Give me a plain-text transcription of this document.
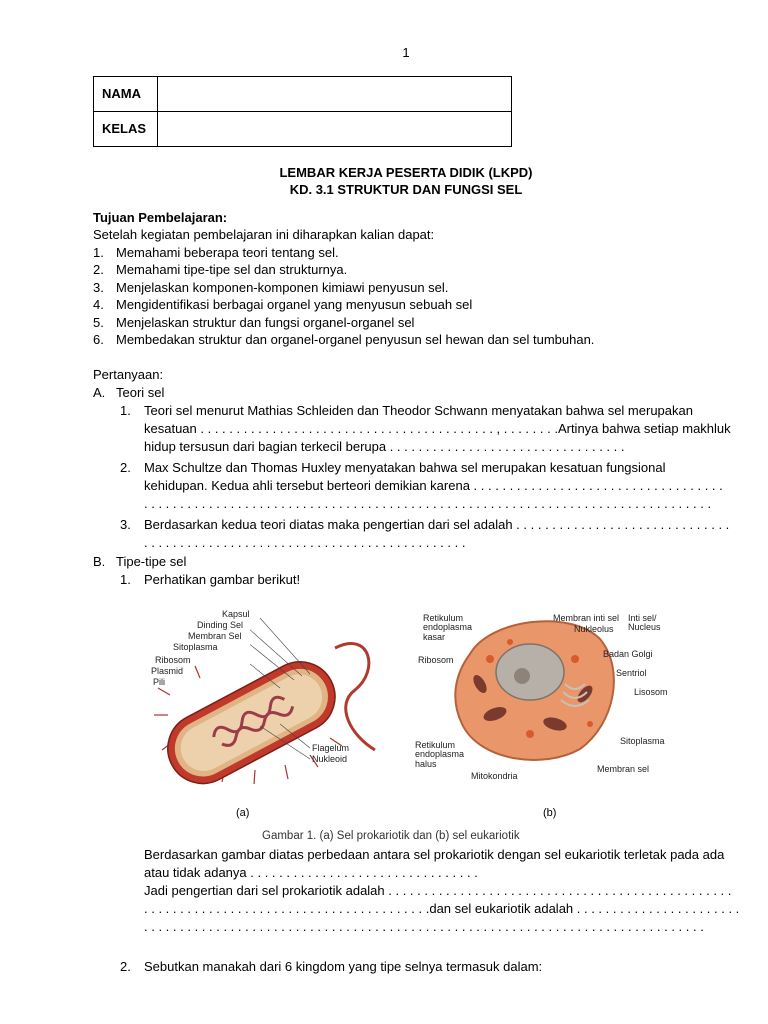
1
NAMA	
KELAS	
LEMBAR KERJA PESERTA DIDIK (LKPD)
KD. 3.1 STRUKTUR DAN FUNGSI SEL
Tujuan Pembelajaran:
Setelah kegiatan pembelajaran ini diharapkan kalian dapat:
1. Memahami beberapa teori tentang sel.
2. Memahami tipe-tipe sel dan strukturnya.
3. Menjelaskan komponen-komponen kimiawi penyusun sel.
4. Mengidentifikasi berbagai organel yang menyusun sebuah sel
5. Menjelaskan struktur dan fungsi organel-organel sel
6. Membedakan struktur dan organel-organel penyusun sel hewan dan sel tumbuhan.
Pertanyaan:
A. Teori sel
1. Teori sel menurut Mathias Schleiden dan Theodor Schwann menyatakan bahwa sel merupakan
kesatuan . . . . . . . . . . . . . . . . . . . . . . . . . . . . . . . . . . . . . . . . . , . . . . . . . .Artinya bahwa setiap makhluk
hidup tersusun dari bagian terkecil berupa . . . . . . . . . . . . . . . . . . . . . . . . . . . . . . . . .
2. Max Schultze dan Thomas Huxley menyatakan bahwa sel merupakan kesatuan fungsional
kehidupan. Kedua ahli tersebut berteori demikian karena . . . . . . . . . . . . . . . . . . . . . . . . . . . . . . . . . . .
. . . . . . . . . . . . . . . . . . . . . . . . . . . . . . . . . . . . . . . . . . . . . . . . . . . . . . . . . . . . . . . . . . . . . . . . . . . . . . .
3. Berdasarkan kedua teori diatas maka pengertian dari sel adalah . . . . . . . . . . . . . . . . . . . . . . . . . . . . . .
. . . . . . . . . . . . . . . . . . . . . . . . . . . . . . . . . . . . . . . . . . . . .
B. Tipe-tipe sel
1. Perhatikan gambar berikut!
Kapsul
Dinding Sel
Membran Sel
Sitoplasma
Ribosom
Plasmid
Pili
Flagelum
Nukleoid
Retikulum endoplasma kasar
Membran inti sel Inti sel/ Nucleus
Nukleolus
Ribosom
Badan Golgi
Sentriol
Lisosom
Sitoplasma
Retikulum endoplasma halus
Mitokondria
Membran sel
(a)	(b)
Gambar 1. (a) Sel prokariotik dan (b) sel eukariotik
Berdasarkan gambar diatas perbedaan antara sel prokariotik dengan sel eukariotik terletak pada ada
atau tidak adanya . . . . . . . . . . . . . . . . . . . . . . . . . . . . . . . .
Jadi pengertian dari sel prokariotik adalah . . . . . . . . . . . . . . . . . . . . . . . . . . . . . . . . . . . . . . . . . . . . . . . .
. . . . . . . . . . . . . . . . . . . . . . . . . . . . . . . . . . . . . . . .dan sel eukariotik adalah . . . . . . . . . . . . . . . . . . . . . . .
. . . . . . . . . . . . . . . . . . . . . . . . . . . . . . . . . . . . . . . . . . . . . . . . . . . . . . . . . . . . . . . . . . . . . . . . . . . . . .
2. Sebutkan manakah dari 6 kingdom yang tipe selnya termasuk dalam:
